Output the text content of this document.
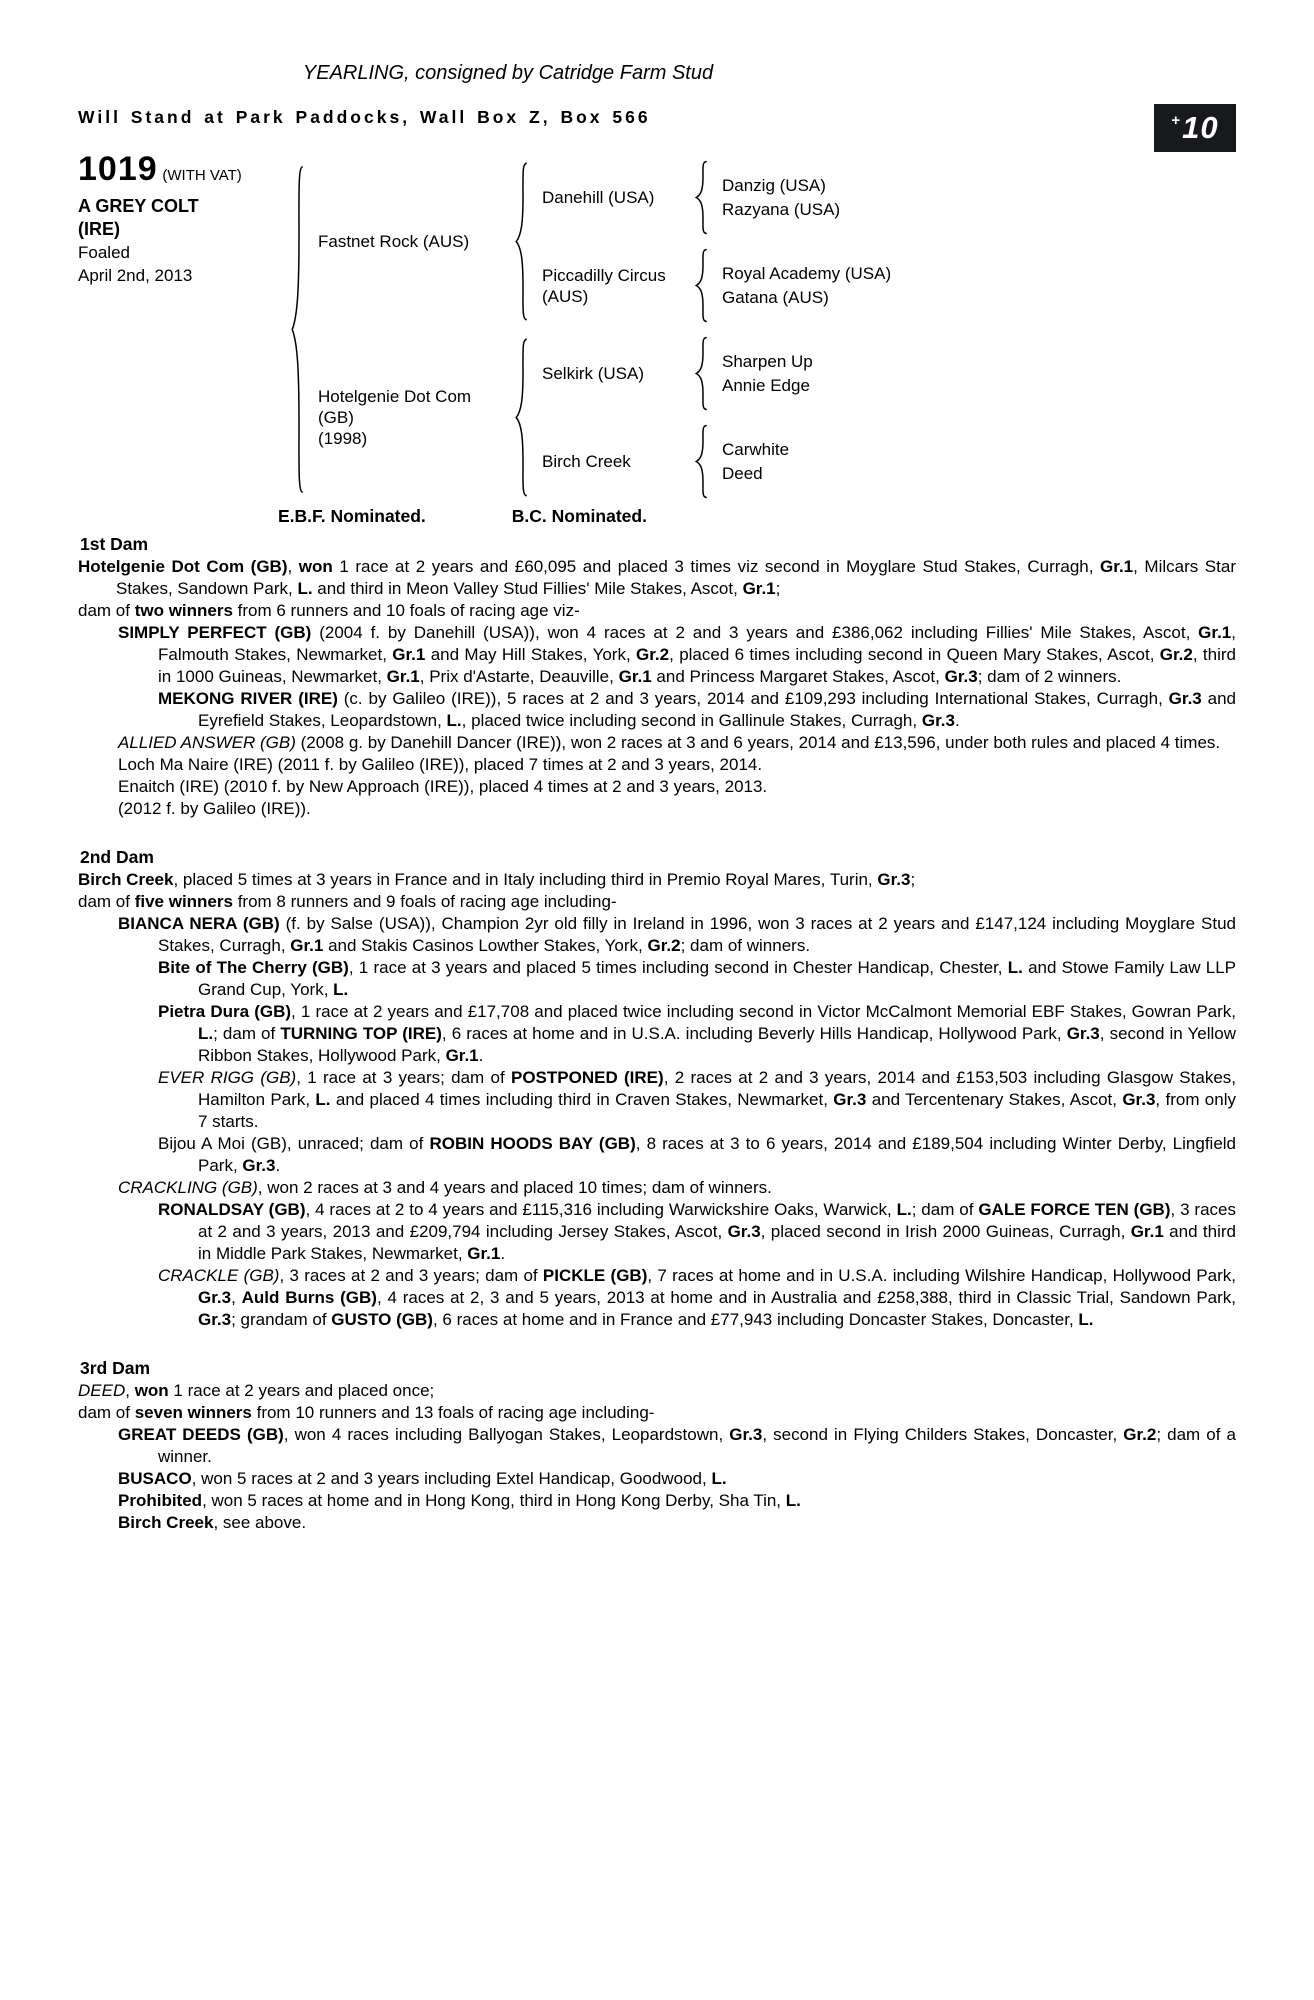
YEARLING, consigned by Catridge Farm Stud
Will Stand at Park Paddocks, Wall Box Z, Box 566	+ 10
1019 (WITH VAT)
A GREY COLT
(IRE)
Foaled
April 2nd, 2013
Fastnet Rock (AUS)
Danehill (USA)
Danzig (USA)
Razyana (USA)
Piccadilly Circus (AUS)
Royal Academy (USA)
Gatana (AUS)
Hotelgenie Dot Com
(GB)
(1998)
Selkirk (USA)
Sharpen Up
Annie Edge
Birch Creek
Carwhite
Deed
E.B.F. Nominated.	B.C. Nominated.
1st Dam

Hotelgenie Dot Com (GB), won 1 race at 2 years and £60,095 and placed 3 times viz second in Moyglare Stud Stakes, Curragh, Gr.1, Milcars Star Stakes, Sandown Park, L. and third in Meon Valley Stud Fillies' Mile Stakes, Ascot, Gr.1;

dam of two winners from 6 runners and 10 foals of racing age viz-

SIMPLY PERFECT (GB) (2004 f. by Danehill (USA)), won 4 races at 2 and 3 years and £386,062 including Fillies' Mile Stakes, Ascot, Gr.1, Falmouth Stakes, Newmarket, Gr.1 and May Hill Stakes, York, Gr.2, placed 6 times including second in Queen Mary Stakes, Ascot, Gr.2, third in 1000 Guineas, Newmarket, Gr.1, Prix d'Astarte, Deauville, Gr.1 and Princess Margaret Stakes, Ascot, Gr.3; dam of 2 winners.

MEKONG RIVER (IRE) (c. by Galileo (IRE)), 5 races at 2 and 3 years, 2014 and £109,293 including International Stakes, Curragh, Gr.3 and Eyrefield Stakes, Leopardstown, L., placed twice including second in Gallinule Stakes, Curragh, Gr.3.

ALLIED ANSWER (GB) (2008 g. by Danehill Dancer (IRE)), won 2 races at 3 and 6 years, 2014 and £13,596, under both rules and placed 4 times.

Loch Ma Naire (IRE) (2011 f. by Galileo (IRE)), placed 7 times at 2 and 3 years, 2014.

Enaitch (IRE) (2010 f. by New Approach (IRE)), placed 4 times at 2 and 3 years, 2013.

(2012 f. by Galileo (IRE)).

2nd Dam

Birch Creek, placed 5 times at 3 years in France and in Italy including third in Premio Royal Mares, Turin, Gr.3;

dam of five winners from 8 runners and 9 foals of racing age including-

BIANCA NERA (GB) (f. by Salse (USA)), Champion 2yr old filly in Ireland in 1996, won 3 races at 2 years and £147,124 including Moyglare Stud Stakes, Curragh, Gr.1 and Stakis Casinos Lowther Stakes, York, Gr.2; dam of winners.

Bite of The Cherry (GB), 1 race at 3 years and placed 5 times including second in Chester Handicap, Chester, L. and Stowe Family Law LLP Grand Cup, York, L.

Pietra Dura (GB), 1 race at 2 years and £17,708 and placed twice including second in Victor McCalmont Memorial EBF Stakes, Gowran Park, L.; dam of TURNING TOP (IRE), 6 races at home and in U.S.A. including Beverly Hills Handicap, Hollywood Park, Gr.3, second in Yellow Ribbon Stakes, Hollywood Park, Gr.1.

EVER RIGG (GB), 1 race at 3 years; dam of POSTPONED (IRE), 2 races at 2 and 3 years, 2014 and £153,503 including Glasgow Stakes, Hamilton Park, L. and placed 4 times including third in Craven Stakes, Newmarket, Gr.3 and Tercentenary Stakes, Ascot, Gr.3, from only 7 starts.

Bijou A Moi (GB), unraced; dam of ROBIN HOODS BAY (GB), 8 races at 3 to 6 years, 2014 and £189,504 including Winter Derby, Lingfield Park, Gr.3.

CRACKLING (GB), won 2 races at 3 and 4 years and placed 10 times; dam of winners.

RONALDSAY (GB), 4 races at 2 to 4 years and £115,316 including Warwickshire Oaks, Warwick, L.; dam of GALE FORCE TEN (GB), 3 races at 2 and 3 years, 2013 and £209,794 including Jersey Stakes, Ascot, Gr.3, placed second in Irish 2000 Guineas, Curragh, Gr.1 and third in Middle Park Stakes, Newmarket, Gr.1.

CRACKLE (GB), 3 races at 2 and 3 years; dam of PICKLE (GB), 7 races at home and in U.S.A. including Wilshire Handicap, Hollywood Park, Gr.3, Auld Burns (GB), 4 races at 2, 3 and 5 years, 2013 at home and in Australia and £258,388, third in Classic Trial, Sandown Park, Gr.3; grandam of GUSTO (GB), 6 races at home and in France and £77,943 including Doncaster Stakes, Doncaster, L.

3rd Dam

DEED, won 1 race at 2 years and placed once;

dam of seven winners from 10 runners and 13 foals of racing age including-

GREAT DEEDS (GB), won 4 races including Ballyogan Stakes, Leopardstown, Gr.3, second in Flying Childers Stakes, Doncaster, Gr.2; dam of a winner.

BUSACO, won 5 races at 2 and 3 years including Extel Handicap, Goodwood, L.

Prohibited, won 5 races at home and in Hong Kong, third in Hong Kong Derby, Sha Tin, L.

Birch Creek, see above.
